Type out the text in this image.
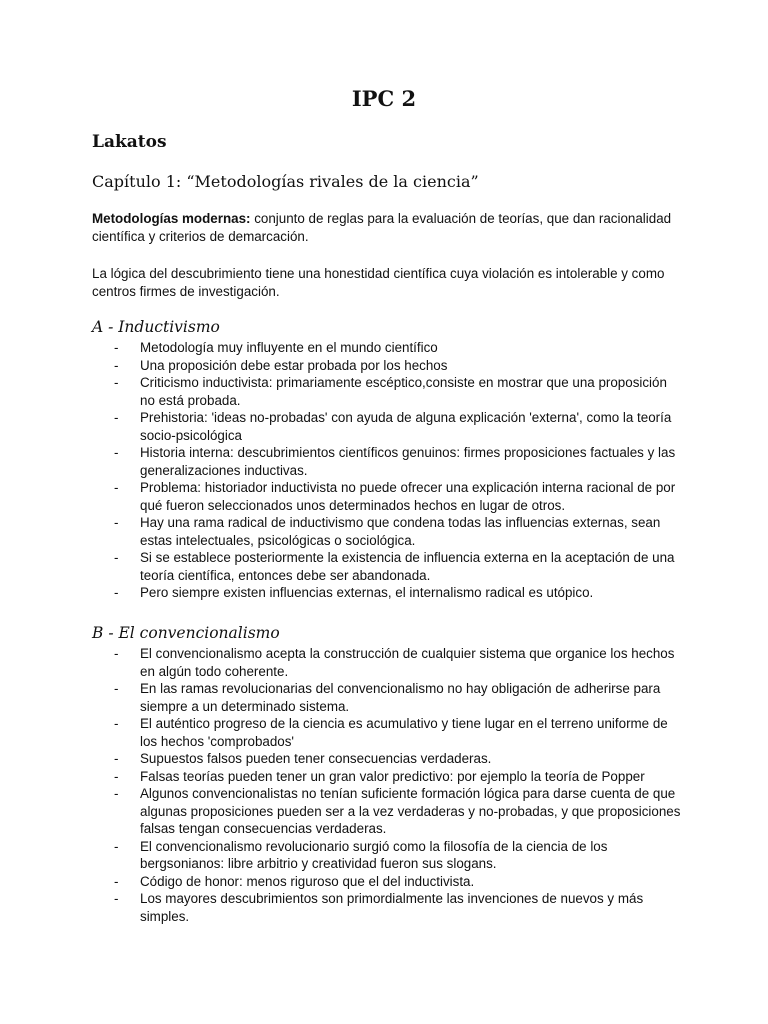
IPC 2
Lakatos
Capítulo 1: “Metodologías rivales de la ciencia”
Metodologías modernas: conjunto de reglas para la evaluación de teorías, que dan racionalidad científica y criterios de demarcación.
La lógica del descubrimiento tiene una honestidad científica cuya violación es intolerable y como centros firmes de investigación.
A - Inductivismo
- Metodología muy influyente en el mundo científico
- Una proposición debe estar probada por los hechos
- Criticismo inductivista: primariamente escéptico,consiste en mostrar que una proposición no está probada.
- Prehistoria: 'ideas no-probadas' con ayuda de alguna explicación 'externa', como la teoría socio-psicológica
- Historia interna: descubrimientos científicos genuinos: firmes proposiciones factuales y las generalizaciones inductivas.
- Problema: historiador inductivista no puede ofrecer una explicación interna racional de por qué fueron seleccionados unos determinados hechos en lugar de otros.
- Hay una rama radical de inductivismo que condena todas las influencias externas, sean estas intelectuales, psicológicas o sociológica.
- Si se establece posteriormente la existencia de influencia externa en la aceptación de una teoría científica, entonces debe ser abandonada.
- Pero siempre existen influencias externas, el internalismo radical es utópico.
B - El convencionalismo
- El convencionalismo acepta la construcción de cualquier sistema que organice los hechos en algún todo coherente.
- En las ramas revolucionarias del convencionalismo no hay obligación de adherirse para siempre a un determinado sistema.
- El auténtico progreso de la ciencia es acumulativo y tiene lugar en el terreno uniforme de los hechos 'comprobados'
- Supuestos falsos pueden tener consecuencias verdaderas.
- Falsas teorías pueden tener un gran valor predictivo: por ejemplo la teoría de Popper
- Algunos convencionalistas no tenían suficiente formación lógica para darse cuenta de que algunas proposiciones pueden ser a la vez verdaderas y no-probadas, y que proposiciones falsas tengan consecuencias verdaderas.
- El convencionalismo revolucionario surgió como la filosofía de la ciencia de los bergsonianos: libre arbitrio y creatividad fueron sus slogans.
- Código de honor: menos riguroso que el del inductivista.
- Los mayores descubrimientos son primordialmente las invenciones de nuevos y más simples.
